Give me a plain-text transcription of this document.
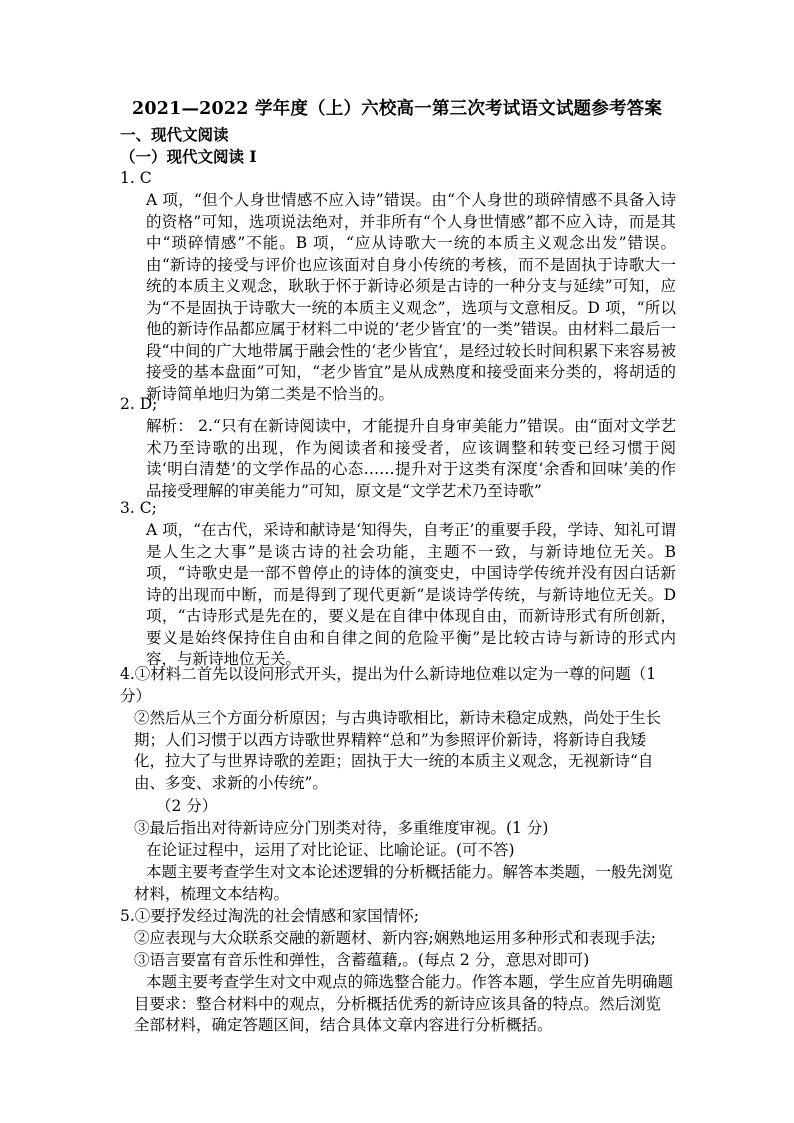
2021—2022 学年度（上）六校高一第三次考试语文试题参考答案
一、现代文阅读
（一）现代文阅读 I
1. C
A 项，“但个人身世情感不应入诗”错误。由“个人身世的琐碎情感不具备入诗的资格”可知，选项说法绝对，并非所有“个人身世情感”都不应入诗，而是其中“琐碎情感”不能。B 项，“应从诗歌大一统的本质主义观念出发”错误。由“新诗的接受与评价也应该面对自身小传统的考核，而不是固执于诗歌大一统的本质主义观念，耿耿于怀于新诗必须是古诗的一种分支与延续”可知，应为“不是固执于诗歌大一统的本质主义观念”，选项与文意相反。D 项，“所以他的新诗作品都应属于材料二中说的‘老少皆宜’的一类”错误。由材料二最后一段“中间的广大地带属于融会性的‘老少皆宜’，是经过较长时间积累下来容易被接受的基本盘面”可知，“老少皆宜”是从成熟度和接受面来分类的，将胡适的新诗简单地归为第二类是不恰当的。
2. D;
解析： 2.“只有在新诗阅读中，才能提升自身审美能力”错误。由“面对文学艺术乃至诗歌的出现，作为阅读者和接受者，应该调整和转变已经习惯于阅读‘明白清楚’的文学作品的心态……提升对于这类有深度‘余香和回味’美的作品接受理解的审美能力”可知，原文是“文学艺术乃至诗歌”
3. C;
A 项，“在古代，采诗和献诗是‘知得失，自考正’的重要手段，学诗、知礼可谓是人生之大事”是谈古诗的社会功能，主题不一致，与新诗地位无关。B 项，“诗歌史是一部不曾停止的诗体的演变史，中国诗学传统并没有因白话新诗的出现而中断，而是得到了现代更新”是谈诗学传统，与新诗地位无关。D 项，“古诗形式是先在的，要义是在自律中体现自由，而新诗形式有所创新，要义是始终保持住自由和自律之间的危险平衡”是比较古诗与新诗的形式内容，与新诗地位无关。
4.①材料二首先以设问形式开头，提出为什么新诗地位难以定为一尊的问题（1 分）
②然后从三个方面分析原因；与古典诗歌相比，新诗未稳定成熟，尚处于生长期；人们习惯于以西方诗歌世界精粹“总和”为参照评价新诗，将新诗自我矮化，拉大了与世界诗歌的差距；固执于大一统的本质主义观念，无视新诗“自由、多变、求新的小传统”。
（2 分）
③最后指出对待新诗应分门别类对待，多重维度审视。(1 分)
在论证过程中，运用了对比论证、比喻论证。(可不答)
本题主要考查学生对文本论述逻辑的分析概括能力。解答本类题，一般先浏览材料，梳理文本结构。
5.①要抒发经过淘洗的社会情感和家国情怀;
②应表现与大众联系交融的新题材、新内容;娴熟地运用多种形式和表现手法;
③语言要富有音乐性和弹性，含蓄蕴藉,。(每点 2 分，意思对即可)
本题主要考查学生对文中观点的筛选整合能力。作答本题，学生应首先明确题目要求：整合材料中的观点，分析概括优秀的新诗应该具备的特点。然后浏览全部材料，确定答题区间，结合具体文章内容进行分析概括。
